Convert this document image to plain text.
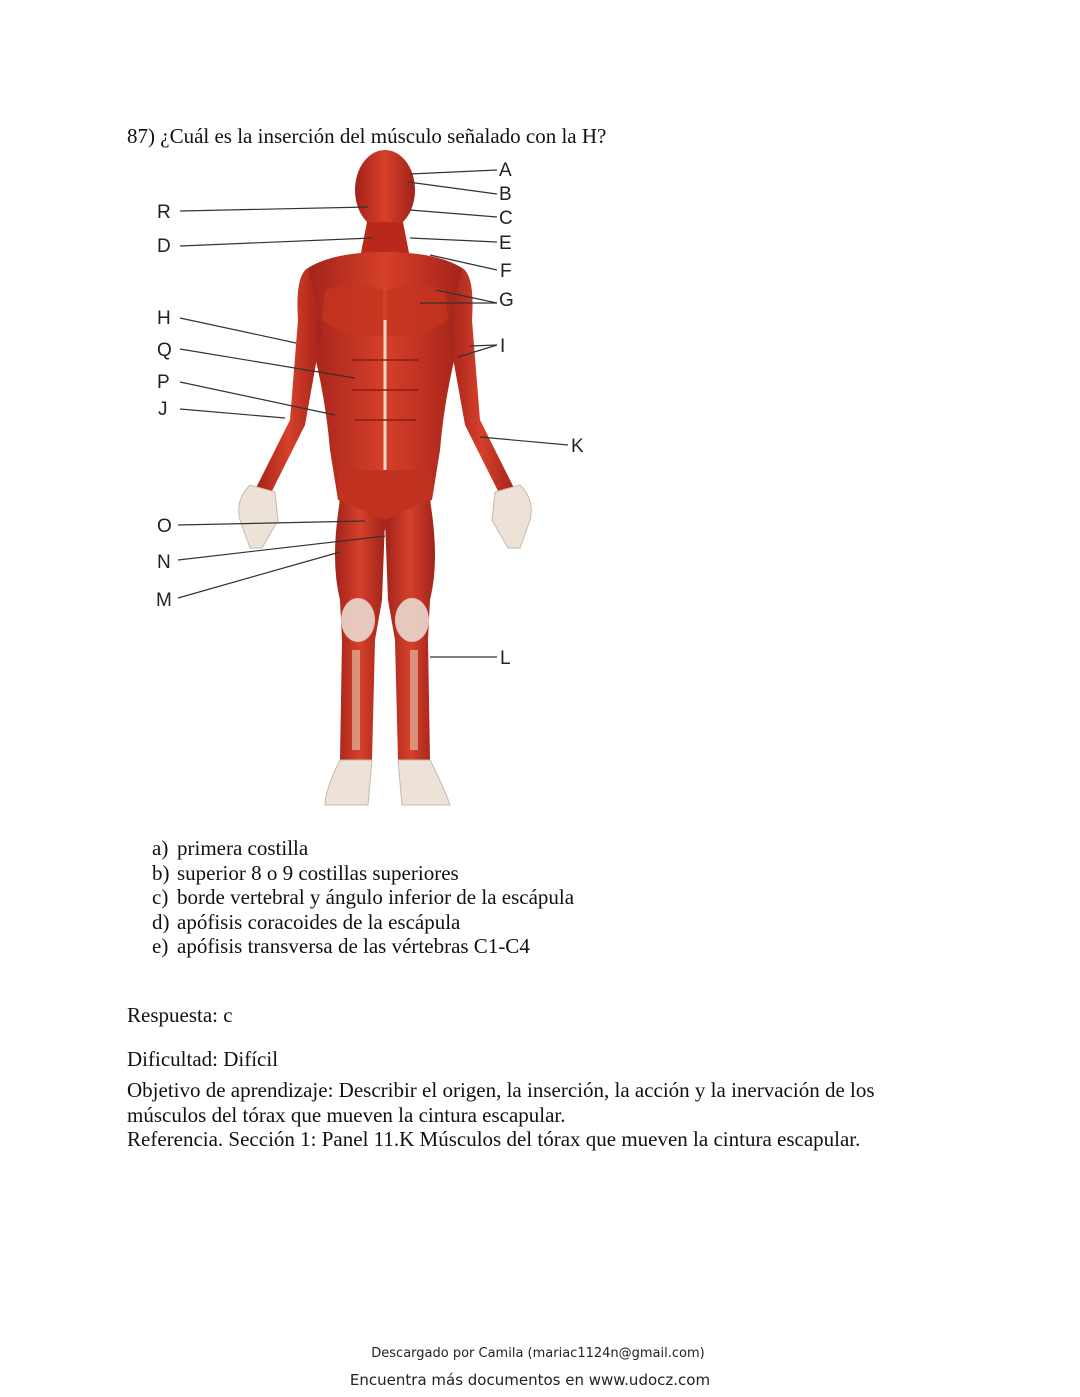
87) ¿Cuál es la inserción del músculo señalado con la H?
R
D
H
Q
P
J
O
N
M
A
B
C
E
F
G
I
K
L
a) primera costilla
b) superior 8 o 9 costillas superiores
c) borde vertebral y ángulo inferior de la escápula
d) apófisis coracoides de la escápula
e) apófisis transversa de las vértebras C1-C4
Respuesta: c
Dificultad: Difícil
Objetivo de aprendizaje: Describir el origen, la inserción, la acción y la inervación de los
músculos del tórax que mueven la cintura escapular.
Referencia. Sección 1: Panel 11.K Músculos del tórax que mueven la cintura escapular.
Descargado por Camila (mariac1124n@gmail.com)
Encuentra más documentos en www.udocz.com
